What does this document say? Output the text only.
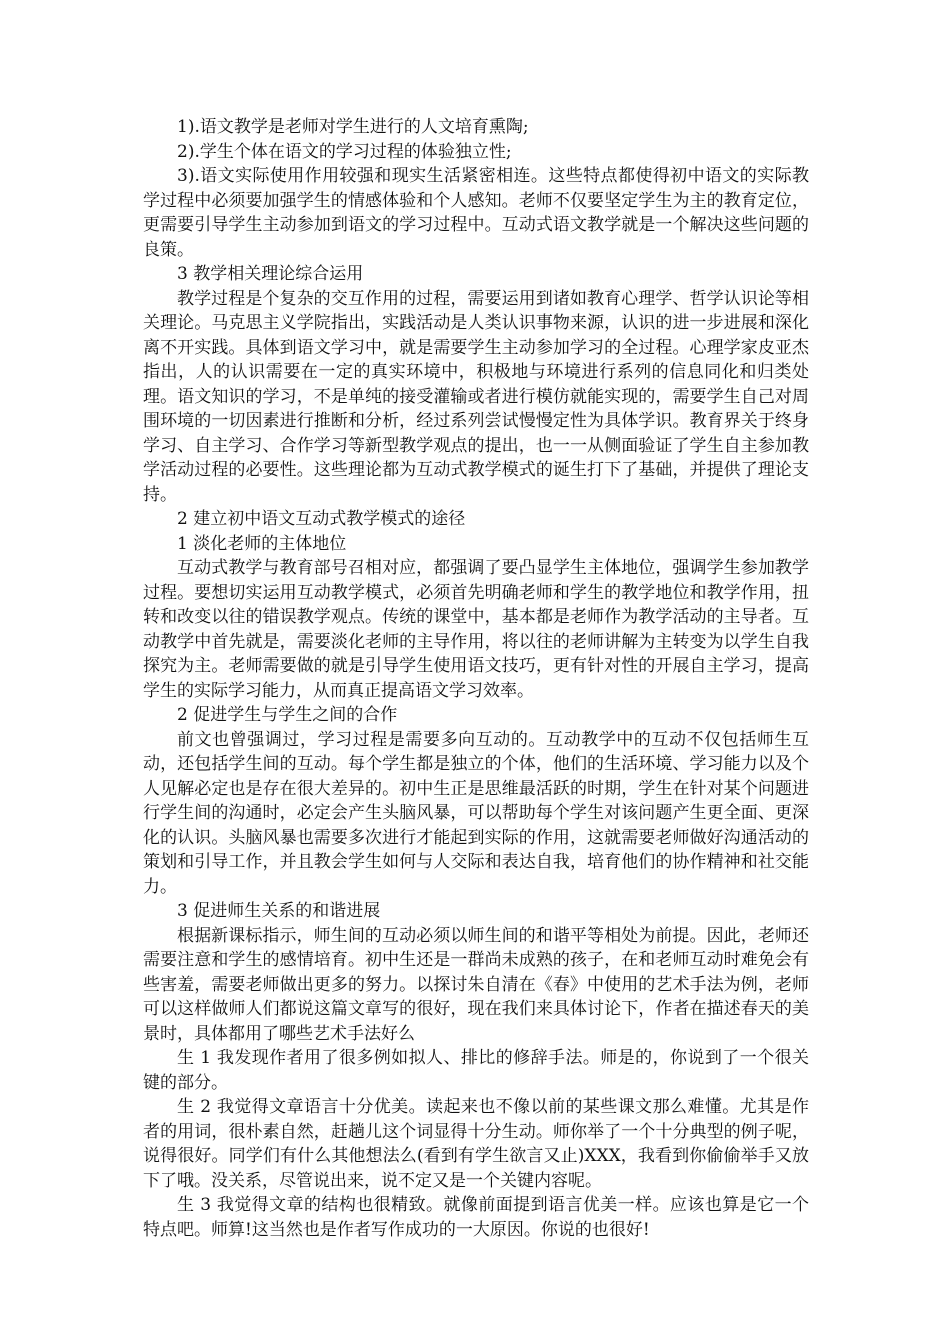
1).语文教学是老师对学生进行的人文培育熏陶;

2).学生个体在语文的学习过程的体验独立性;

3).语文实际使用作用较强和现实生活紧密相连。这些特点都使得初中语文的实际教学过程中必须要加强学生的情感体验和个人感知。老师不仅要坚定学生为主的教育定位，更需要引导学生主动参加到语文的学习过程中。互动式语文教学就是一个解决这些问题的良策。

3 教学相关理论综合运用

教学过程是个复杂的交互作用的过程，需要运用到诸如教育心理学、哲学认识论等相关理论。马克思主义学院指出，实践活动是人类认识事物来源，认识的进一步进展和深化离不开实践。具体到语文学习中，就是需要学生主动参加学习的全过程。心理学家皮亚杰指出，人的认识需要在一定的真实环境中，积极地与环境进行系列的信息同化和归类处理。语文知识的学习，不是单纯的接受灌输或者进行模仿就能实现的，需要学生自己对周围环境的一切因素进行推断和分析，经过系列尝试慢慢定性为具体学识。教育界关于终身学习、自主学习、合作学习等新型教学观点的提出，也一一从侧面验证了学生自主参加教学活动过程的必要性。这些理论都为互动式教学模式的诞生打下了基础，并提供了理论支持。

2 建立初中语文互动式教学模式的途径

1 淡化老师的主体地位

互动式教学与教育部号召相对应，都强调了要凸显学生主体地位，强调学生参加教学过程。要想切实运用互动教学模式，必须首先明确老师和学生的教学地位和教学作用，扭转和改变以往的错误教学观点。传统的课堂中，基本都是老师作为教学活动的主导者。互动教学中首先就是，需要淡化老师的主导作用，将以往的老师讲解为主转变为以学生自我探究为主。老师需要做的就是引导学生使用语文技巧，更有针对性的开展自主学习，提高学生的实际学习能力，从而真正提高语文学习效率。

2 促进学生与学生之间的合作

前文也曾强调过，学习过程是需要多向互动的。互动教学中的互动不仅包括师生互动，还包括学生间的互动。每个学生都是独立的个体，他们的生活环境、学习能力以及个人见解必定也是存在很大差异的。初中生正是思维最活跃的时期，学生在针对某个问题进行学生间的沟通时，必定会产生头脑风暴，可以帮助每个学生对该问题产生更全面、更深化的认识。头脑风暴也需要多次进行才能起到实际的作用，这就需要老师做好沟通活动的策划和引导工作，并且教会学生如何与人交际和表达自我，培育他们的协作精神和社交能力。

3 促进师生关系的和谐进展

根据新课标指示，师生间的互动必须以师生间的和谐平等相处为前提。因此，老师还需要注意和学生的感情培育。初中生还是一群尚未成熟的孩子，在和老师互动时难免会有些害羞，需要老师做出更多的努力。以探讨朱自清在《春》中使用的艺术手法为例，老师可以这样做师人们都说这篇文章写的很好，现在我们来具体讨论下，作者在描述春天的美景时，具体都用了哪些艺术手法好么

生 1 我发现作者用了很多例如拟人、排比的修辞手法。师是的，你说到了一个很关键的部分。

生 2 我觉得文章语言十分优美。读起来也不像以前的某些课文那么难懂。尤其是作者的用词，很朴素自然，赶趟儿这个词显得十分生动。师你举了一个十分典型的例子呢，说得很好。同学们有什么其他想法么(看到有学生欲言又止)XXX，我看到你偷偷举手又放下了哦。没关系，尽管说出来，说不定又是一个关键内容呢。

生 3 我觉得文章的结构也很精致。就像前面提到语言优美一样。应该也算是它一个特点吧。师算!这当然也是作者写作成功的一大原因。你说的也很好!
